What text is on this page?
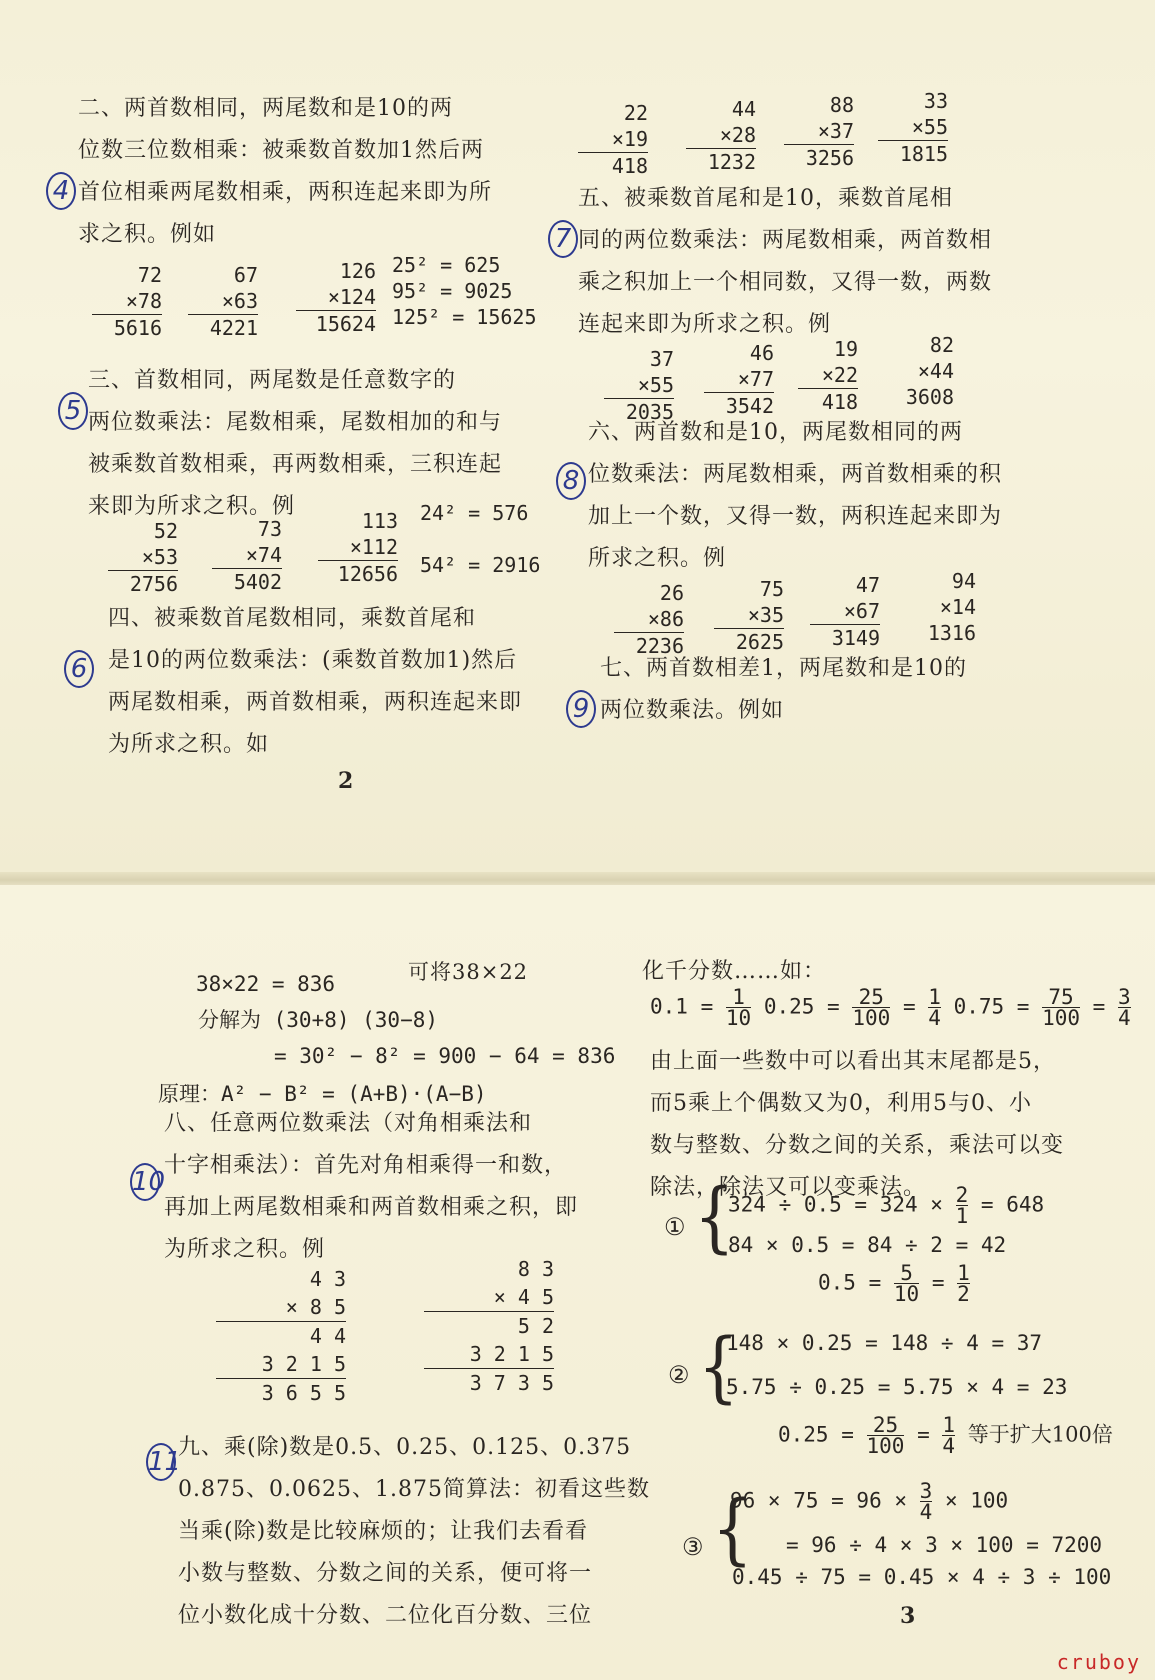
二、两首数相同，两尾数和是10的两
位数三位数相乘：被乘数首数加1然后两
首位相乘两尾数相乘，两积连起来即为所
求之积。例如
72
×78
5616
67
×63
4221
126
×124
15624
25² = 625
95² = 9025
125² = 15625
三、首数相同，两尾数是任意数字的
两位数乘法：尾数相乘，尾数相加的和与
被乘数首数相乘，再两数相乘，三积连起
来即为所求之积。例
52
×53
2756
73
×74
5402
113
×112
12656
24² = 576
54² = 2916
四、被乘数首尾数相同，乘数首尾和
是10的两位数乘法：(乘数首数加1)然后
两尾数相乘，两首数相乘，两积连起来即
为所求之积。如
2
22
×19
418
44
×28
1232
88
×37
3256
33
×55
1815
五、被乘数首尾和是10，乘数首尾相
同的两位数乘法：两尾数相乘，两首数相
乘之积加上一个相同数，又得一数，两数
连起来即为所求之积。例
37
×55
2035
46
×77
3542
19
×22
418
82
×44
3608
六、两首数和是10，两尾数相同的两
位数乘法：两尾数相乘，两首数相乘的积
加上一个数，又得一数，两积连起来即为
所求之积。例
26
×86
2236
75
×35
2625
47
×67
3149
94
×14
1316
七、两首数相差1，两尾数和是10的
两位数乘法。例如
4
5
6
7
8
9
38×22 = 836	可将38×22
分解为 (30+8) (30−8)
= 30² − 8² = 900 − 64 = 836
原理：A² − B² = (A+B)·(A−B)
八、任意两位数乘法（对角相乘法和
十字相乘法）：首先对角相乘得一和数，
再加上两尾数相乘和两首数相乘之积，即
为所求之积。例
4 3
× 8 5
4 4
3 2 1 5
3 6 5 5
8 3
× 4 5
5 2
3 2 1 5
3 7 3 5
九、乘(除)数是0.5、0.25、0.125、0.375
0.875、0.0625、1.875简算法：初看这些数
当乘(除)数是比较麻烦的；让我们去看看
小数与整数、分数之间的关系，便可将一
位小数化成十分数、二位化百分数、三位
10
11
化千分数……如：
$0.1 = \frac{1}{10} 0.25 = \frac{25}{100} = \frac{1}{4} 0.75 = \frac{75}{100} = \frac{3}{4}$
由上面一些数中可以看出其末尾都是5，
而5乘上个偶数又为0，利用5与0、小
数与整数、分数之间的关系，乘法可以变
除法，除法又可以变乘法。
① {
$324 \div 0.5 = 324 \times \frac{2}{1} = 648$
84 × 0.5 = 84 ÷ 2 = 42
$0.5 = \frac{5}{10} = \frac{1}{2}$
② {
148 × 0.25 = 148 ÷ 4 = 37
5.75 ÷ 0.25 = 5.75 × 4 = 23
$0.25 = \frac{25}{100} = \frac{1}{4}$ 等于扩大100倍
③ {
$96 \times 75 = 96 \times \frac{3}{4} \times 100$
= 96 ÷ 4 × 3 × 100 = 7200
0.45 ÷ 75 = 0.45 × 4 ÷ 3 ÷ 100
3
cruboy
